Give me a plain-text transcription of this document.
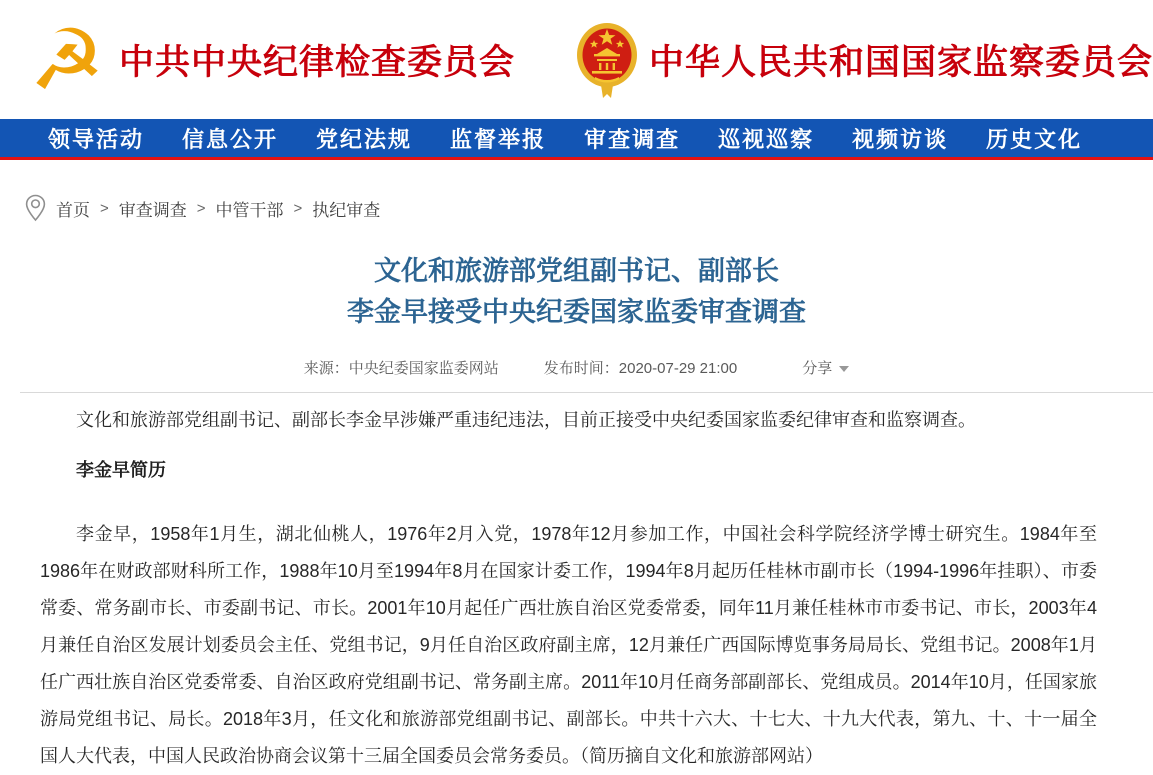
☭ 中共中央纪律检查委员会	中华人民共和国国家监察委员会
领导活动 信息公开 党纪法规 监督举报 审查调查 巡视巡察 视频访谈 历史文化
首页 > 审查调查 > 中管干部 > 执纪审查
文化和旅游部党组副书记、副部长
李金早接受中央纪委国家监委审查调查
来源：中央纪委国家监委网站	发布时间：2020-07-29 21:00	分享

文化和旅游部党组副书记、副部长李金早涉嫌严重违纪违法，目前正接受中央纪委国家监委纪律审查和监察调查。

李金早简历

李金早，1958年1月生，湖北仙桃人，1976年2月入党，1978年12月参加工作，中国社会科学院经济学博士研究生。1984年至1986年在财政部财科所工作，1988年10月至1994年8月在国家计委工作，1994年8月起历任桂林市副市长（1994-1996年挂职）、市委常委、常务副市长、市委副书记、市长。2001年10月起任广西壮族自治区党委常委，同年11月兼任桂林市市委书记、市长，2003年4月兼任自治区发展计划委员会主任、党组书记，9月任自治区政府副主席，12月兼任广西国际博览事务局局长、党组书记。2008年1月任广西壮族自治区党委常委、自治区政府党组副书记、常务副主席。2011年10月任商务部副部长、党组成员。2014年10月，任国家旅游局党组书记、局长。2018年3月，任文化和旅游部党组副书记、副部长。中共十六大、十七大、十九大代表，第九、十、十一届全国人大代表，中国人民政治协商会议第十三届全国委员会常务委员。（简历摘自文化和旅游部网站）
